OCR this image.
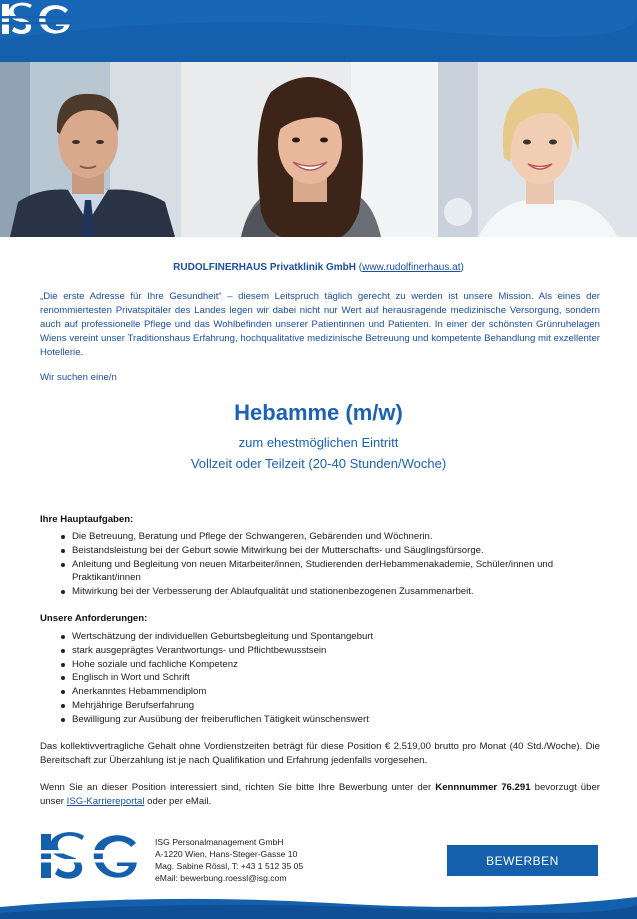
RUDOLFINERHAUS Privatklinik GmbH (www.rudolfinerhaus.at)

„Die erste Adresse für Ihre Gesundheit“ – diesem Leitspruch täglich gerecht zu werden ist unsere Mission. Als eines der renommiertesten Privatspitäler des Landes legen wir dabei nicht nur Wert auf herausragende medizinische Versorgung, sondern auch auf professionelle Pflege und das Wohlbefinden unserer Patientinnen und Patienten. In einer der schönsten Grünruhelagen Wiens vereint unser Traditionshaus Erfahrung, hochqualitative medizinische Betreuung und kompetente Behandlung mit exzellenter Hotellerie.

Wir suchen eine/n

Hebamme (m/w)

zum ehestmöglichen Eintritt

Vollzeit oder Teilzeit (20-40 Stunden/Woche)

Ihre Hauptaufgaben:

Die Betreuung, Beratung und Pflege der Schwangeren, Gebärenden und Wöchnerin.
Beistandsleistung bei der Geburt sowie Mitwirkung bei der Mutterschafts- und Säuglingsfürsorge.
Anleitung und Begleitung von neuen Mitarbeiter/innen, Studierenden derHebammenakademie, Schüler/innen und Praktikant/innen
Mitwirkung bei der Verbesserung der Ablaufqualität und stationenbezogenen Zusammenarbeit.

Unsere Anforderungen:

Wertschätzung der individuellen Geburtsbegleitung und Spontangeburt
stark ausgeprägtes Verantwortungs- und Pflichtbewusstsein
Hohe soziale und fachliche Kompetenz
Englisch in Wort und Schrift
Anerkanntes Hebammendiplom
Mehrjährige Berufserfahrung
Bewilligung zur Ausübung der freiberuflichen Tätigkeit wünschenswert

Das kollektivvertragliche Gehalt ohne Vordienstzeiten beträgt für diese Position € 2.519,00 brutto pro Monat (40 Std./Woche). Die Bereitschaft zur Überzahlung ist je nach Qualifikation und Erfahrung jedenfalls vorgesehen.

Wenn Sie an dieser Position interessiert sind, richten Sie bitte Ihre Bewerbung unter der Kennnummer 76.291 bevorzugt über unser ISG-Karriereportal oder per eMail.

ISG Personalmanagement GmbH
A-1220 Wien, Hans-Steger-Gasse 10
Mag. Sabine Rössl, T: +43 1 512 35 05
eMail: bewerbung.roessl@isg.com
BEWERBEN
